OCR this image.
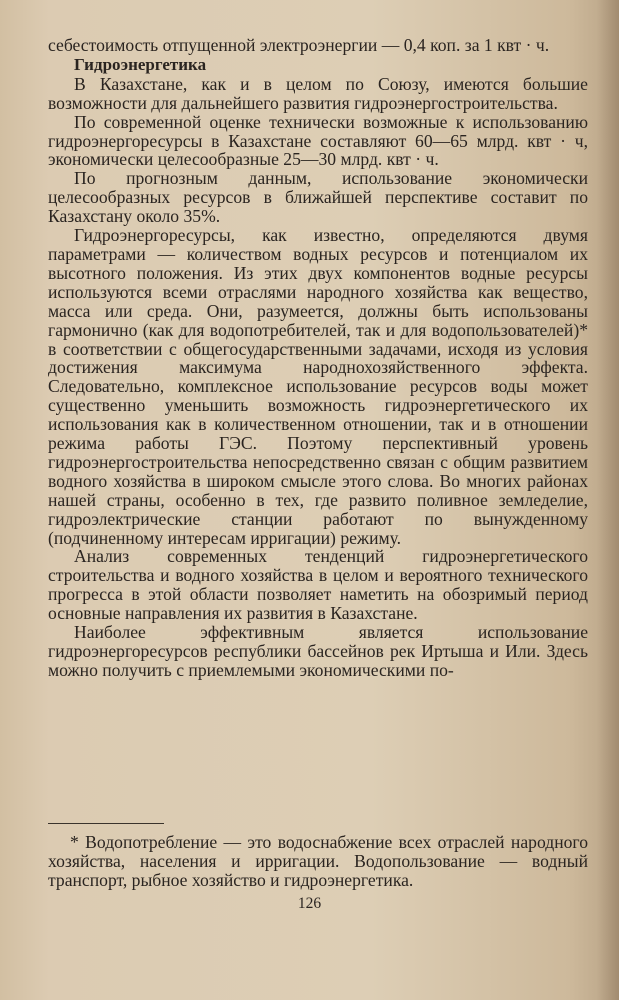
себестоимость отпущенной электроэнергии — 0,4 коп. за 1 квт · ч.

Гидроэнергетика

В Казахстане, как и в целом по Союзу, имеются большие возможности для дальнейшего развития гидроэнергостроительства.

По современной оценке технически возможные к использованию гидроэнергоресурсы в Казахстане составляют 60—65 млрд. квт · ч, экономически целесообразные 25—30 млрд. квт · ч.

По прогнозным данным, использование экономически целесообразных ресурсов в ближайшей перспективе составит по Казахстану около 35%.

Гидроэнергоресурсы, как известно, определяются двумя параметрами — количеством водных ресурсов и потенциалом их высотного положения. Из этих двух компонентов водные ресурсы используются всеми отраслями народного хозяйства как вещество, масса или среда. Они, разумеется, должны быть использованы гармонично (как для водопотребителей, так и для водопользователей)* в соответствии с общегосударственными задачами, исходя из условия достижения максимума народнохозяйственного эффекта. Следовательно, комплексное использование ресурсов воды может существенно уменьшить возможность гидроэнергетического их использования как в количественном отношении, так и в отношении режима работы ГЭС. Поэтому перспективный уровень гидроэнергостроительства непосредственно связан с общим развитием водного хозяйства в широком смысле этого слова. Во многих районах нашей страны, особенно в тех, где развито поливное земледелие, гидроэлектрические станции работают по вынужденному (подчиненному интересам ирригации) режиму.

Анализ современных тенденций гидроэнергетического строительства и водного хозяйства в целом и вероятного технического прогресса в этой области позволяет наметить на обозримый период основные направления их развития в Казахстане.

Наиболее эффективным является использование гидроэнергоресурсов республики бассейнов рек Иртыша и Или. Здесь можно получить с приемлемыми экономическими по-

* Водопотребление — это водоснабжение всех отраслей народного хозяйства, населения и ирригации. Водопользование — водный транспорт, рыбное хозяйство и гидроэнергетика.

126
